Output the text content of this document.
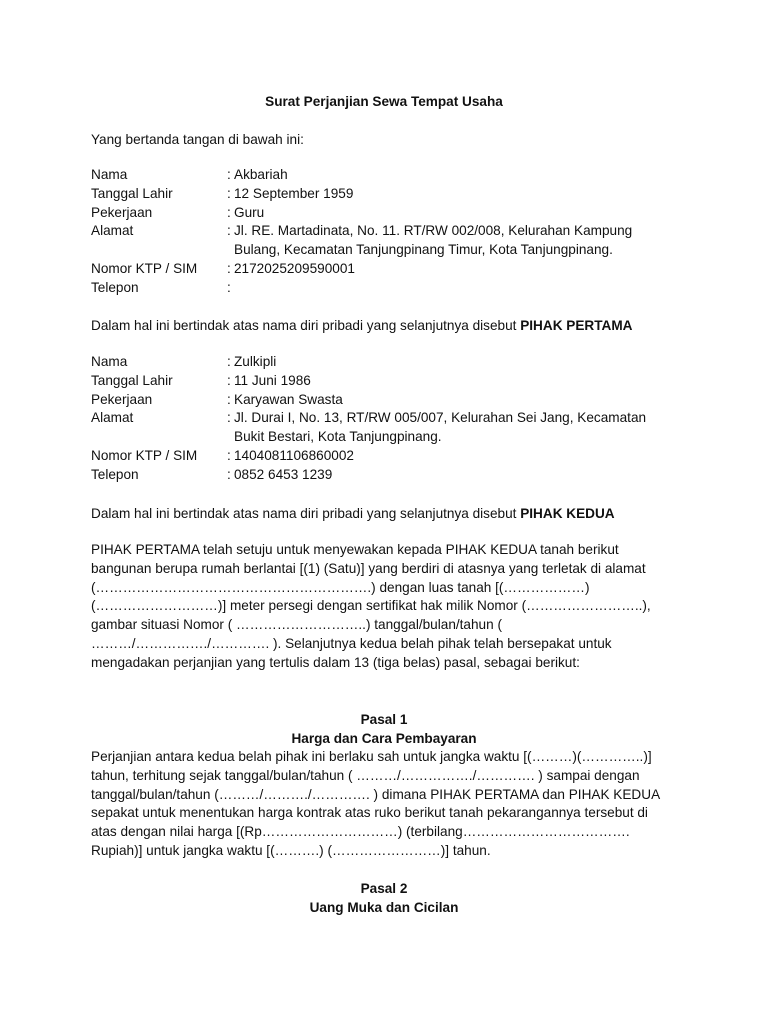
Surat Perjanjian Sewa Tempat Usaha
Yang bertanda tangan di bawah ini:
Nama	: Akbariah
Tanggal Lahir	: 12 September 1959
Pekerjaan	: Guru
Alamat	: Jl. RE. Martadinata, No. 11. RT/RW 002/008, Kelurahan Kampung
Bulang, Kecamatan Tanjungpinang Timur, Kota Tanjungpinang.
Nomor KTP / SIM	: 2172025209590001
Telepon	:
Dalam hal ini bertindak atas nama diri pribadi yang selanjutnya disebut PIHAK PERTAMA
Nama	: Zulkipli
Tanggal Lahir	: 11 Juni 1986
Pekerjaan	: Karyawan Swasta
Alamat	: Jl. Durai I, No. 13, RT/RW 005/007, Kelurahan Sei Jang, Kecamatan
Bukit Bestari, Kota Tanjungpinang.
Nomor KTP / SIM	: 1404081106860002
Telepon	: 0852 6453 1239
Dalam hal ini bertindak atas nama diri pribadi yang selanjutnya disebut PIHAK KEDUA

PIHAK PERTAMA telah setuju untuk menyewakan kepada PIHAK KEDUA tanah berikut

bangunan berupa rumah berlantai [(1) (Satu)] yang berdiri di atasnya yang terletak di alamat

(…………………………………………………….) dengan luas tanah [(………………)

(………………………)] meter persegi dengan sertifikat hak milik Nomor (……………………..),

gambar situasi Nomor ( ………………………..) tanggal/bulan/tahun (

………/……………./…………. ). Selanjutnya kedua belah pihak telah bersepakat untuk

mengadakan perjanjian yang tertulis dalam 13 (tiga belas) pasal, sebagai berikut:

Pasal 1
Harga dan Cara Pembayaran

Perjanjian antara kedua belah pihak ini berlaku sah untuk jangka waktu [(………)(…………..)]

tahun, terhitung sejak tanggal/bulan/tahun ( ………/……………./…………. ) sampai dengan

tanggal/bulan/tahun (………/………./…………. ) dimana PIHAK PERTAMA dan PIHAK KEDUA

sepakat untuk menentukan harga kontrak atas ruko berikut tanah pekarangannya tersebut di

atas dengan nilai harga [(Rp…………………………) (terbilang……………………………….

Rupiah)] untuk jangka waktu [(……….) (……………………)] tahun.

Pasal 2
Uang Muka dan Cicilan
